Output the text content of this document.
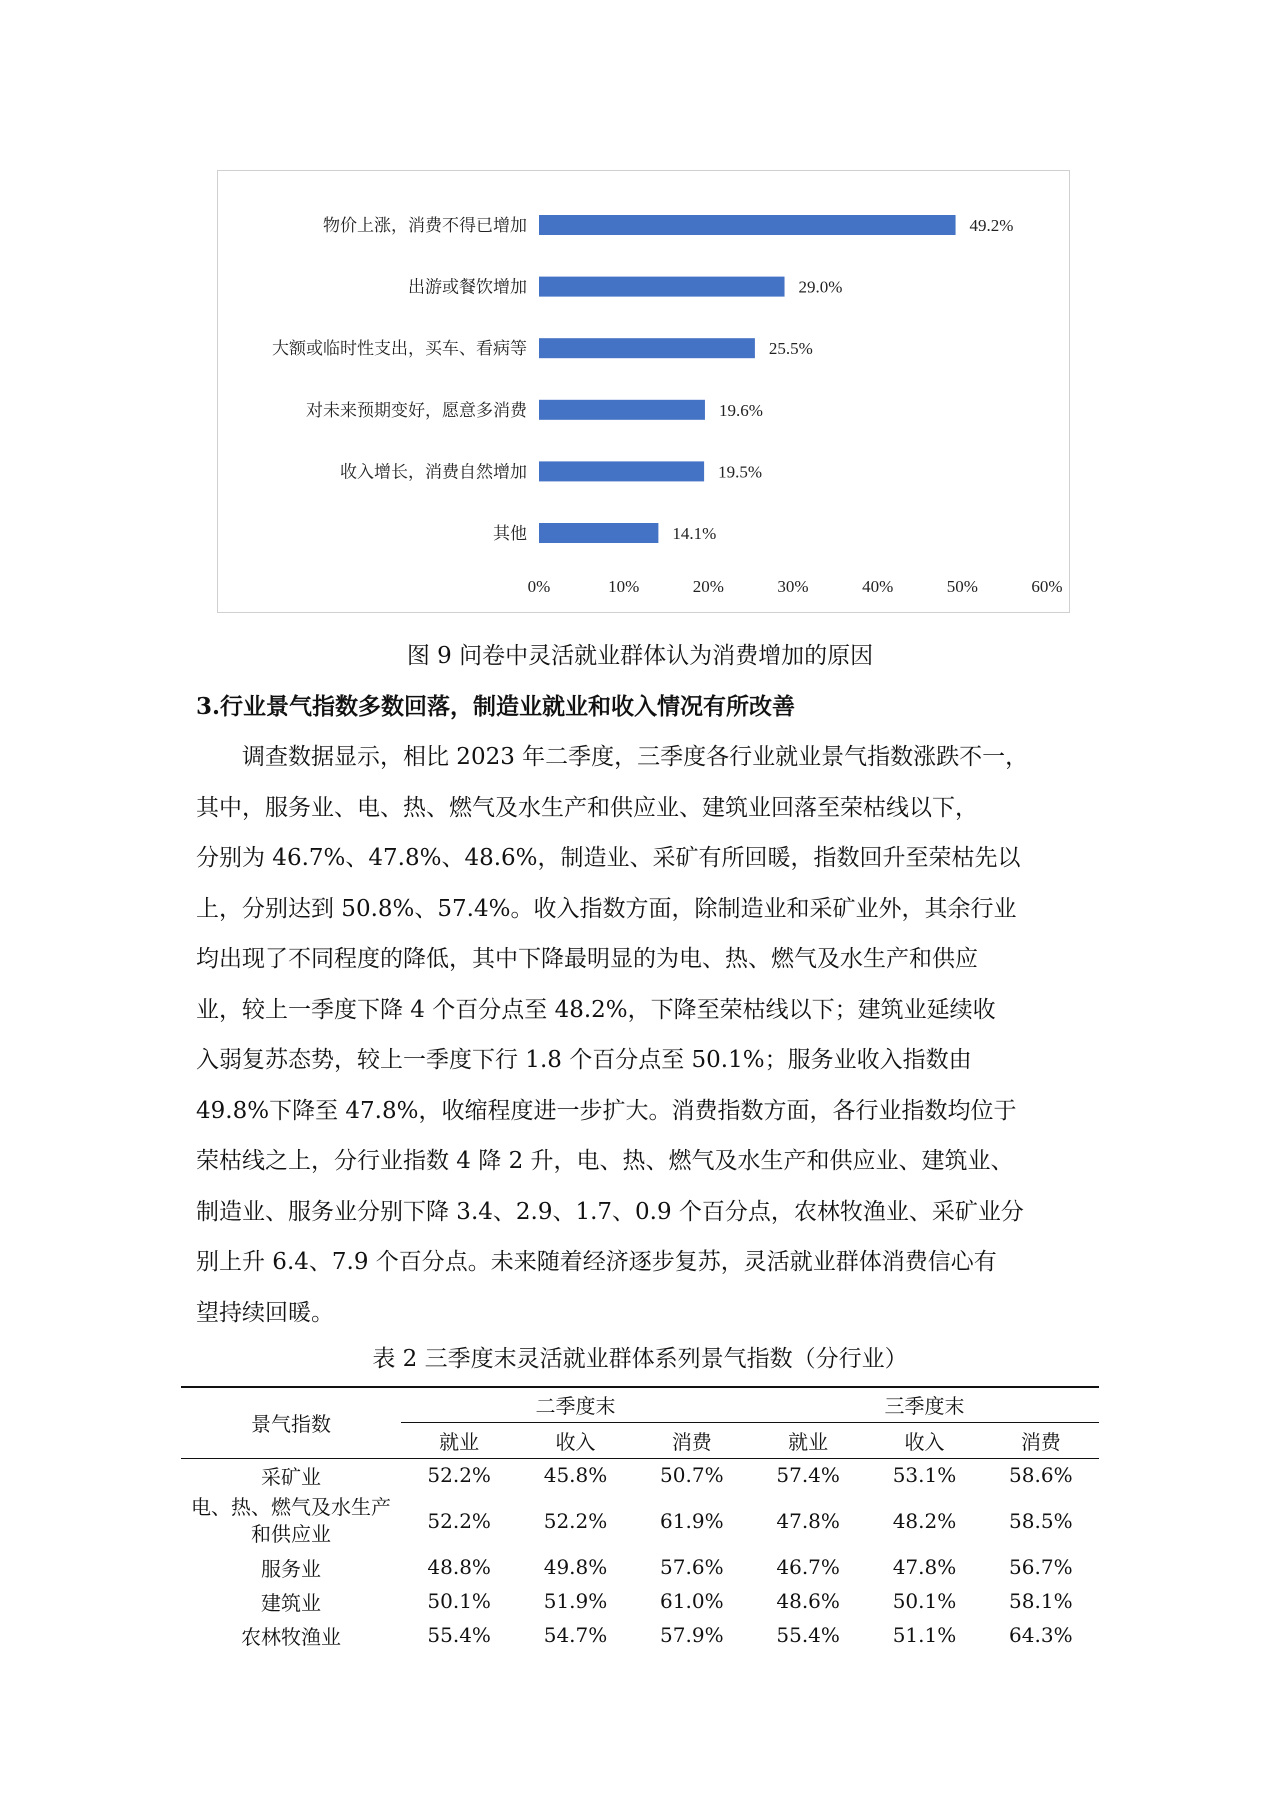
物价上涨，消费不得已增加	49.2%
出游或餐饮增加	29.0%
大额或临时性支出，买车、看病等	25.5%
对未来预期变好，愿意多消费	19.6%
收入增长，消费自然增加	19.5%
其他	14.1%
0%	10%	20%	30%	40%	50%	60%
图 9 问卷中灵活就业群体认为消费增加的原因
3.行业景气指数多数回落，制造业就业和收入情况有所改善
调查数据显示，相比 2023 年二季度，三季度各行业就业景气指数涨跌不一，
其中，服务业、电、热、燃气及水生产和供应业、建筑业回落至荣枯线以下，
分别为 46.7%、47.8%、48.6%，制造业、采矿有所回暖，指数回升至荣枯先以
上，分别达到 50.8%、57.4%。收入指数方面，除制造业和采矿业外，其余行业
均出现了不同程度的降低，其中下降最明显的为电、热、燃气及水生产和供应
业，较上一季度下降 4 个百分点至 48.2%，下降至荣枯线以下；建筑业延续收
入弱复苏态势，较上一季度下行 1.8 个百分点至 50.1%；服务业收入指数由
49.8%下降至 47.8%，收缩程度进一步扩大。消费指数方面，各行业指数均位于
荣枯线之上，分行业指数 4 降 2 升，电、热、燃气及水生产和供应业、建筑业、
制造业、服务业分别下降 3.4、2.9、1.7、0.9 个百分点，农林牧渔业、采矿业分
别上升 6.4、7.9 个百分点。未来随着经济逐步复苏，灵活就业群体消费信心有
望持续回暖。
表 2 三季度末灵活就业群体系列景气指数（分行业）
景气指数	二季度末			三季度末		
	就业	收入	消费	就业	收入	消费
采矿业	52.2%	45.8%	50.7%	57.4%	53.1%	58.6%

电、热、燃气及水生产
和供应业	52.2%	52.2%	61.9%	47.8%	48.2%	58.5%
服务业	48.8%	49.8%	57.6%	46.7%	47.8%	56.7%
建筑业	50.1%	51.9%	61.0%	48.6%	50.1%	58.1%
农林牧渔业	55.4%	54.7%	57.9%	55.4%	51.1%	64.3%
